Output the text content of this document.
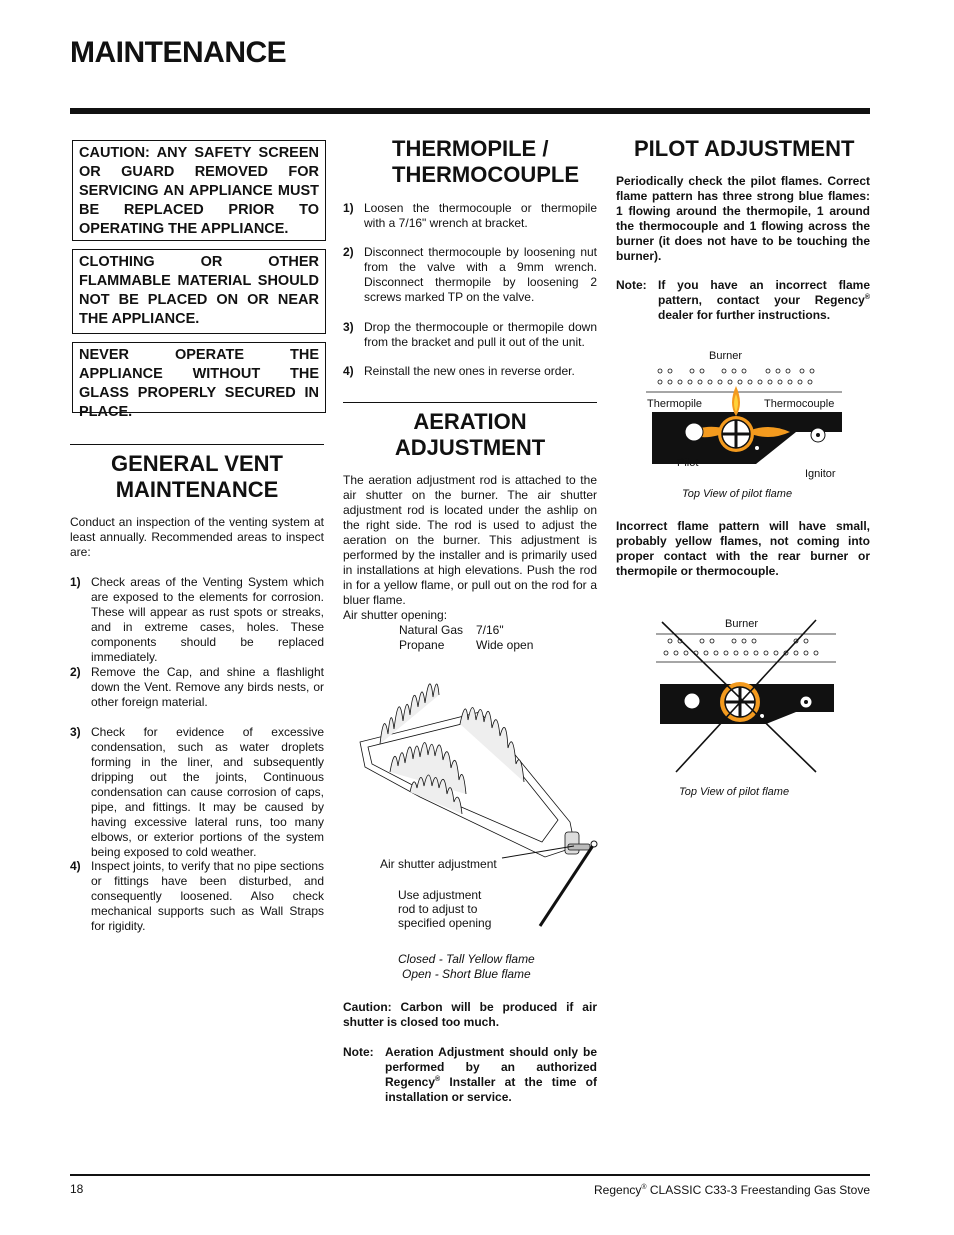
MAINTENANCE
CAUTION: ANY SAFETY SCREEN OR GUARD REMOVED FOR SERVICING AN APPLIANCE MUST BE REPLACED PRIOR TO OPERATING THE APPLIANCE.
CLOTHING OR OTHER FLAMMABLE MATERIAL SHOULD NOT BE PLACED ON OR NEAR THE APPLIANCE.
NEVER OPERATE THE APPLIANCE WITHOUT THE GLASS PROPERLY SECURED IN PLACE.
GENERAL VENT
MAINTENANCE
Conduct an inspection of the venting system at least annually. Recommended areas to inspect are:
1) Check areas of the Venting System which are exposed to the elements for corrosion. These will appear as rust spots or streaks, and in extreme cases, holes. These components should be replaced immediately.
2) Remove the Cap, and shine a flashlight down the Vent. Remove any birds nests, or other foreign material.
3) Check for evidence of excessive condensation, such as water droplets forming in the liner, and subsequently dripping out the joints, Continuous condensation can cause corrosion of caps, pipe, and fittings. It may be caused by having excessive lateral runs, too many elbows, or exterior portions of the system being exposed to cold weather.
4) Inspect joints, to verify that no pipe sections or fittings have been disturbed, and consequently loosened. Also check mechanical supports such as Wall Straps for rigidity.
THERMOPILE /
THERMOCOUPLE
1) Loosen the thermocouple or thermopile with a 7/16" wrench at bracket.
2) Disconnect thermocouple by loosening nut from the valve with a 9mm wrench. Disconnect thermopile by loosening 2 screws marked TP on the valve.
3) Drop the thermocouple or thermopile down from the bracket and pull it out of the unit.
4) Reinstall the new ones in reverse order.
AERATION
ADJUSTMENT
The aeration adjustment rod is attached to the air shutter on the burner. The air shutter adjustment rod is located under the ashlip on the right side. The rod is used to adjust the aeration on the burner. This adjustment is performed by the installer and is primarily used in installations at high elevations. Push the rod in for a yellow flame, or pull out on the rod for a bluer flame.
Air shutter opening:
Natural Gas 7/16"
Propane	Wide open
Air shutter adjustment
Use adjustment
rod to adjust to
specified opening
Closed - Tall Yellow flame
Open - Short Blue flame
Caution: Carbon will be produced if air shutter is closed too much.
Note: Aeration Adjustment should only be performed by an authorized Regency® Installer at the time of installation or service.
PILOT ADJUSTMENT
Periodically check the pilot flames. Correct flame pattern has three strong blue flames: 1 flowing around the thermopile, 1 around the thermocouple and 1 flowing across the burner (it does not have to be touching the burner).
Note: If you have an incorrect flame pattern, contact your Regency® dealer for further instructions.
Burner
Thermopile	Thermocouple
Pilot
Ignitor
Top View of pilot flame
Incorrect flame pattern will have small, probably yellow flames, not coming into proper contact with the rear burner or thermopile or thermocouple.
Burner
Top View of pilot flame
18	Regency® CLASSIC C33-3 Freestanding Gas Stove
